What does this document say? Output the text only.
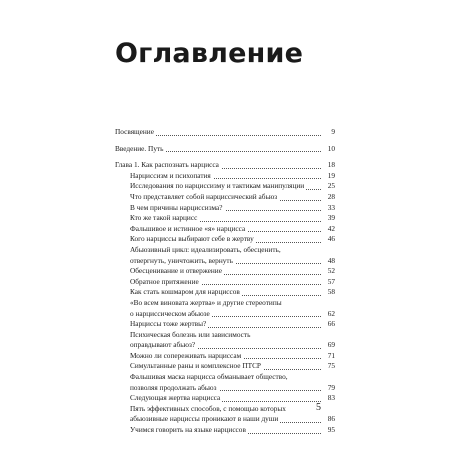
Оглавление
Посвящение	9
Введение. Путь	10
Глава 1. Как распознать нарцисса	18
Нарциссизм и психопатия	19
Исследования по нарциссизму и тактикам манипуляции	25
Что представляет собой нарциссический абьюз	28
В чем причины нарциссизма?	33
Кто же такой нарцисс	39
Фальшивое и истинное «я» нарцисса	42
Кого нарциссы выбирают себе в жертву	46
Абьюзивный цикл: идеализировать, обесценить,
отвергнуть, уничтожить, вернуть	48
Обесценивание и отвержение	52
Обратное притяжение	57
Как стать кошмаром для нарциссов	58
«Во всем виновата жертва» и другие стереотипы
о нарциссическом абьюзе	62
Нарциссы тоже жертвы?	66
Психическая болезнь или зависимость
оправдывают абьюз?	69
Можно ли сопереживать нарциссам	71
Симультанные раны и комплексное ПТСР	75
Фальшивая маска нарцисса обманывает общество,
позволяя продолжать абьюз	79
Следующая жертва нарцисса	83
Пять эффективных способов, с помощью которых
абьюзивные нарциссы проникают в наши души	86
Учимся говорить на языке нарциссов	95
5
